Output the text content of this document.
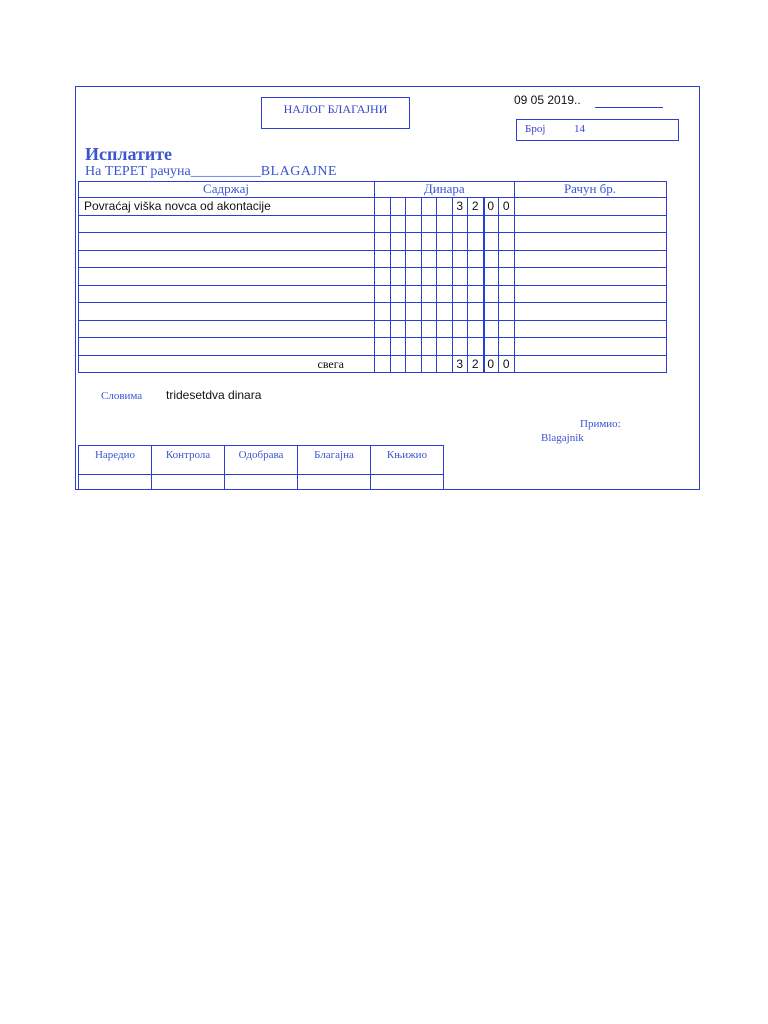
НАЛОГ БЛАГАЈНИ
09 05 2019..
Број	14
Исплатите
На ТЕРЕТ рачуна__________BLAGAJNE
Садржај	Динара	Рачун бр.
Povraćaj viška novca od akontacije	3 2 0 0
свега	3 2 0 0
Словима tridesetdva dinara
Примио:
Blagajnik
Наредио	Контрола	Одобрава	Благајна	Књижио
